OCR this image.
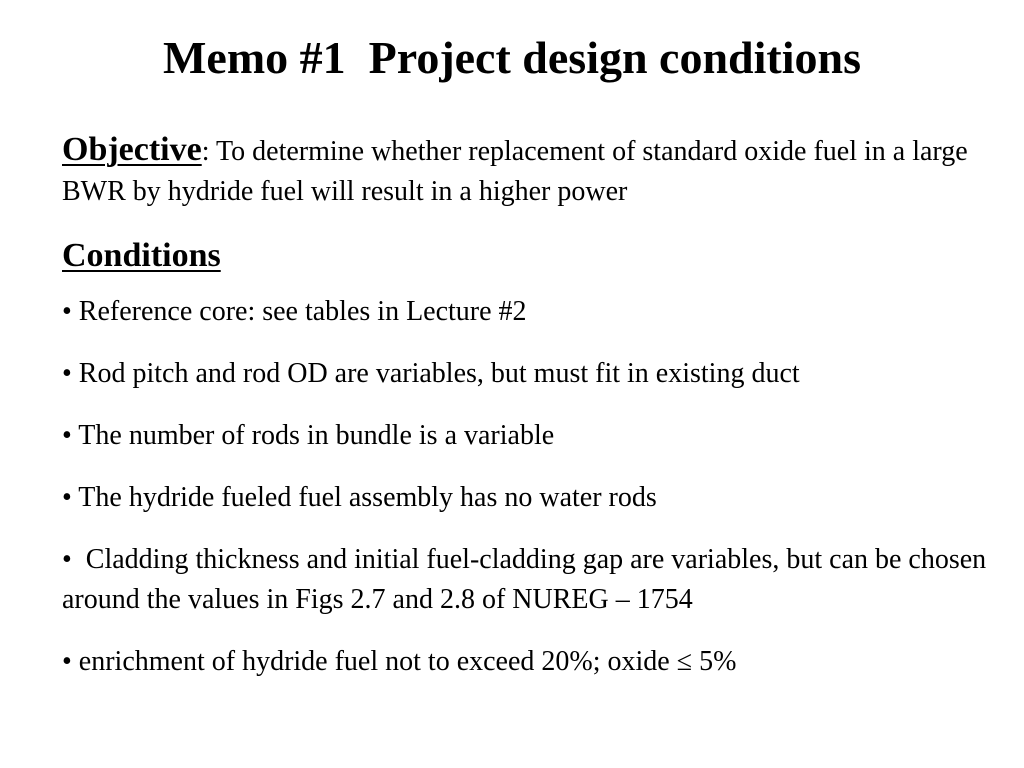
Memo #1  Project design conditions

Objective: To determine whether replacement of standard oxide fuel in a large BWR by hydride fuel will result in a higher power

Conditions
• Reference core: see tables in Lecture #2
• Rod pitch and rod OD are variables, but must fit in existing duct
• The number of rods in bundle is a variable
• The hydride fueled fuel assembly has no water rods
•  Cladding thickness and initial fuel-cladding gap are variables, but can be chosen around the values in Figs 2.7 and 2.8 of NUREG – 1754
• enrichment of hydride fuel not to exceed 20%; oxide ≤ 5%
